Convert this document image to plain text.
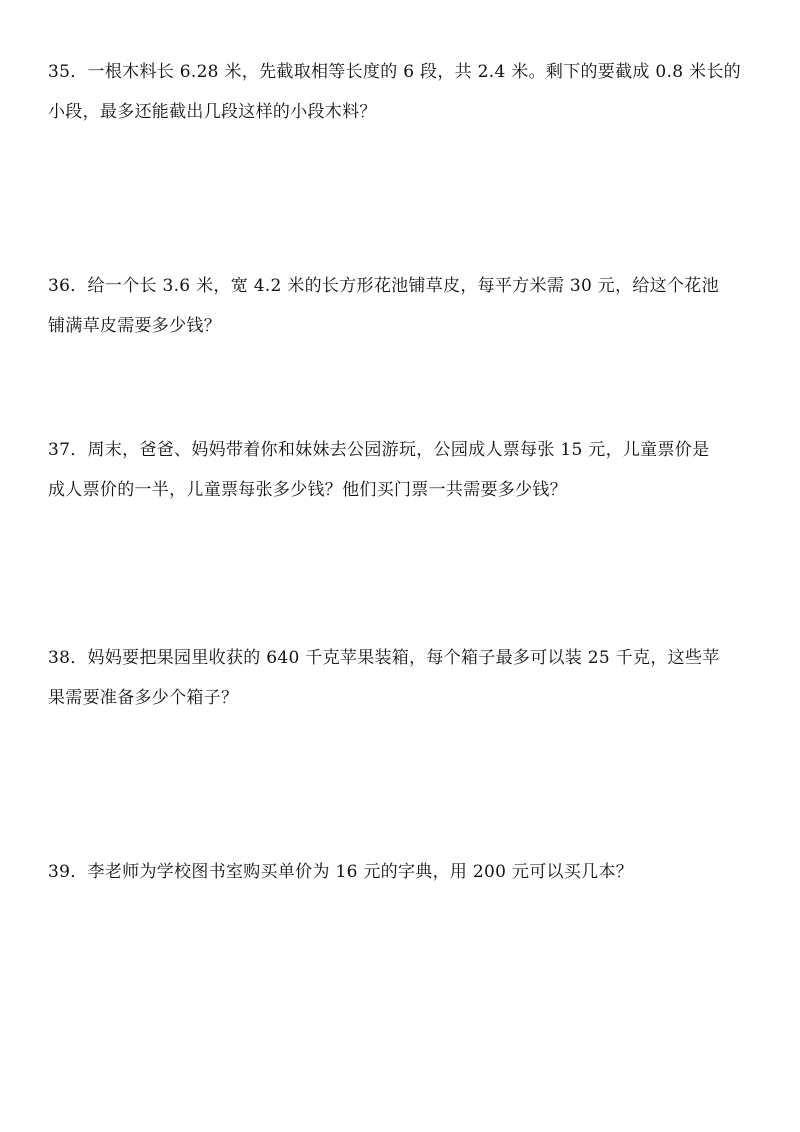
35．一根木料长 6.28 米，先截取相等长度的 6 段，共 2.4 米。剩下的要截成 0.8 米长的
小段，最多还能截出几段这样的小段木料？
36．给一个长 3.6 米，宽 4.2 米的长方形花池铺草皮，每平方米需 30 元，给这个花池
铺满草皮需要多少钱？
37．周末，爸爸、妈妈带着你和妹妹去公园游玩，公园成人票每张 15 元，儿童票价是
成人票价的一半，儿童票每张多少钱？他们买门票一共需要多少钱？
38．妈妈要把果园里收获的 640 千克苹果装箱，每个箱子最多可以装 25 千克，这些苹
果需要准备多少个箱子？
39．李老师为学校图书室购买单价为 16 元的字典，用 200 元可以买几本？
